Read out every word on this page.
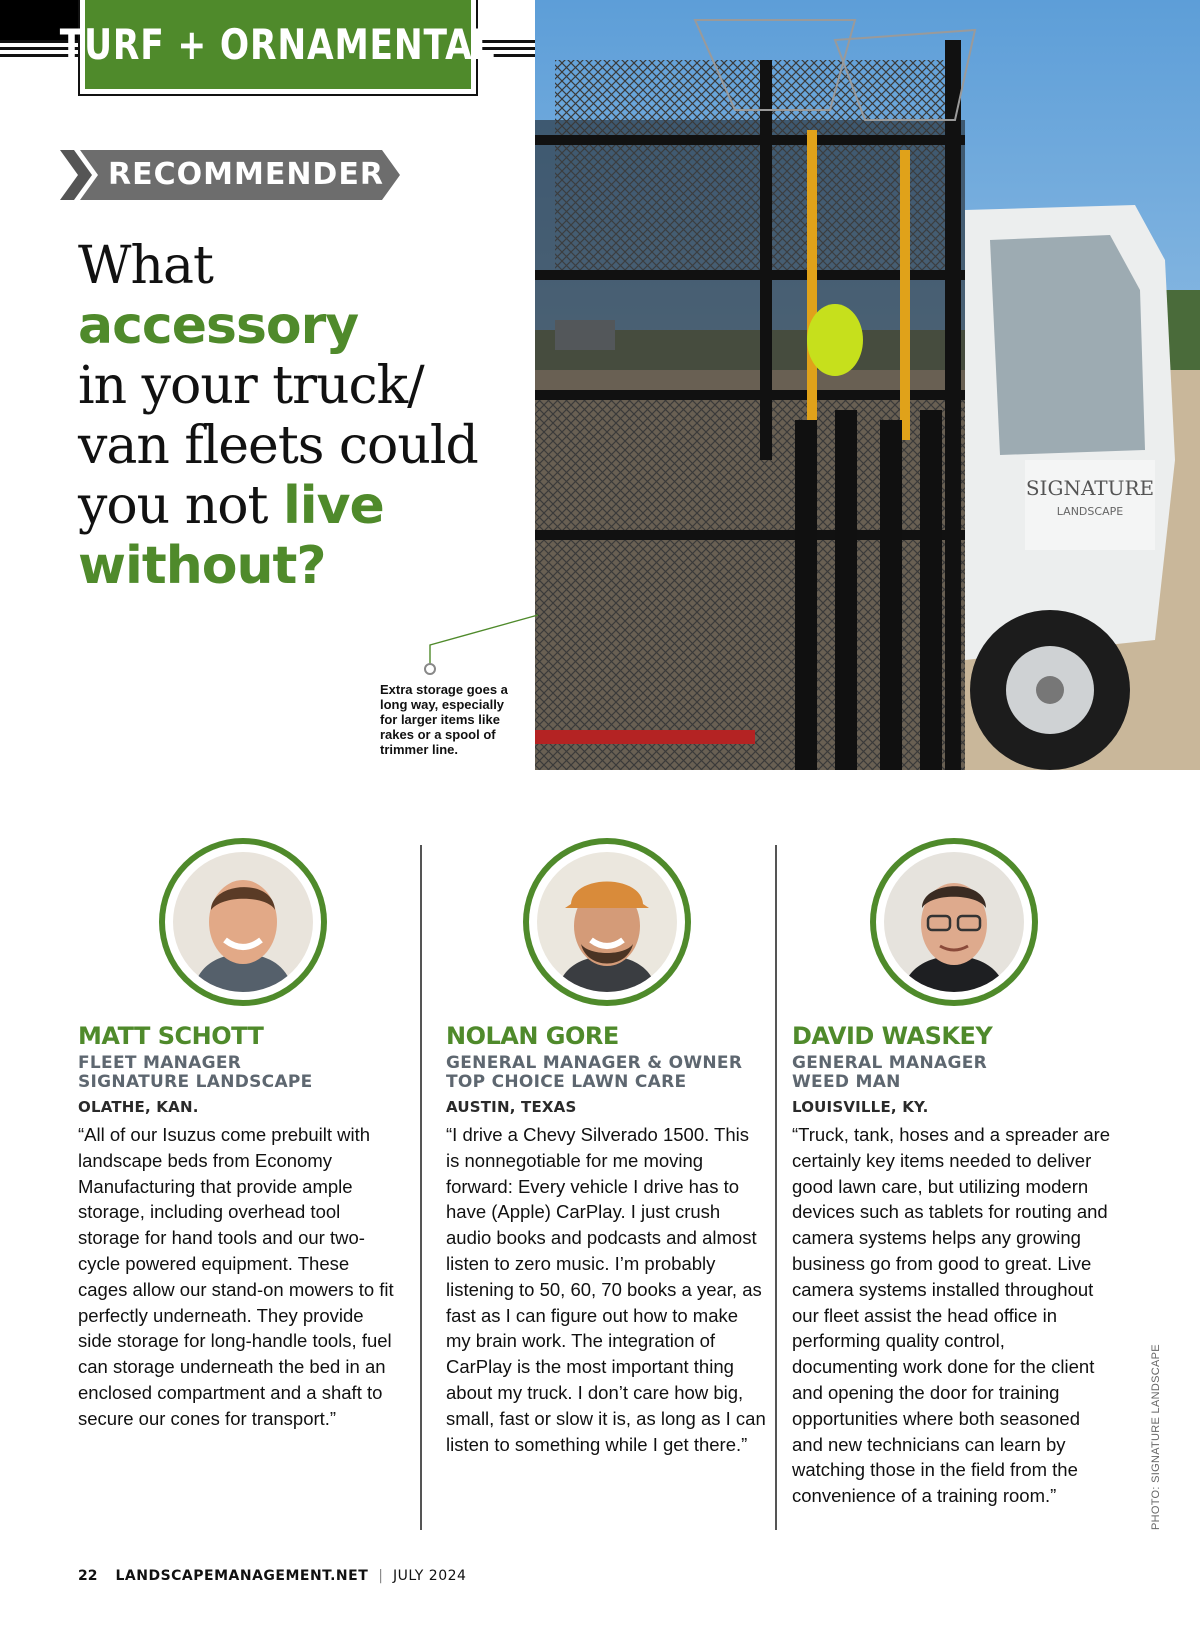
TURF + ORNAMENTAL
RECOMMENDER
What
accessory
in your truck/
van fleets could
you not live
without?
SIGNATURE
LANDSCAPE

Extra storage goes a long way, especially for larger items like rakes or a spool of trimmer line.

MATT SCHOTT

FLEET MANAGER

SIGNATURE LANDSCAPE

OLATHE, KAN.

“All of our Isuzus come prebuilt with landscape beds from Economy Manufacturing that provide ample storage, including overhead tool storage for hand tools and our two-cycle powered equipment. These cages allow our stand-on mowers to fit perfectly underneath. They provide side storage for long-handle tools, fuel can storage underneath the bed in an enclosed compartment and a shaft to secure our cones for transport.”

NOLAN GORE

GENERAL MANAGER & OWNER

TOP CHOICE LAWN CARE

AUSTIN, TEXAS

“I drive a Chevy Silverado 1500. This is nonnegotiable for me moving forward: Every vehicle I drive has to have (Apple) CarPlay. I just crush audio books and podcasts and almost listen to zero music. I’m probably listening to 50, 60, 70 books a year, as fast as I can figure out how to make my brain work. The integration of CarPlay is the most important thing about my truck. I don’t care how big, small, fast or slow it is, as long as I can listen to something while I get there.”

DAVID WASKEY

GENERAL MANAGER

WEED MAN

LOUISVILLE, KY.

“Truck, tank, hoses and a spreader are certainly key items needed to deliver good lawn care, but utilizing modern devices such as tablets for routing and camera systems helps any growing business go from good to great. Live camera systems installed throughout our fleet assist the head office in performing quality control, documenting work done for the client and opening the door for training opportunities where both seasoned and new technicians can learn by watching those in the field from the convenience of a training room.”	PHOTO: SIGNATURE LANDSCAPE
22 LANDSCAPEMANAGEMENT.NET | JULY 2024
